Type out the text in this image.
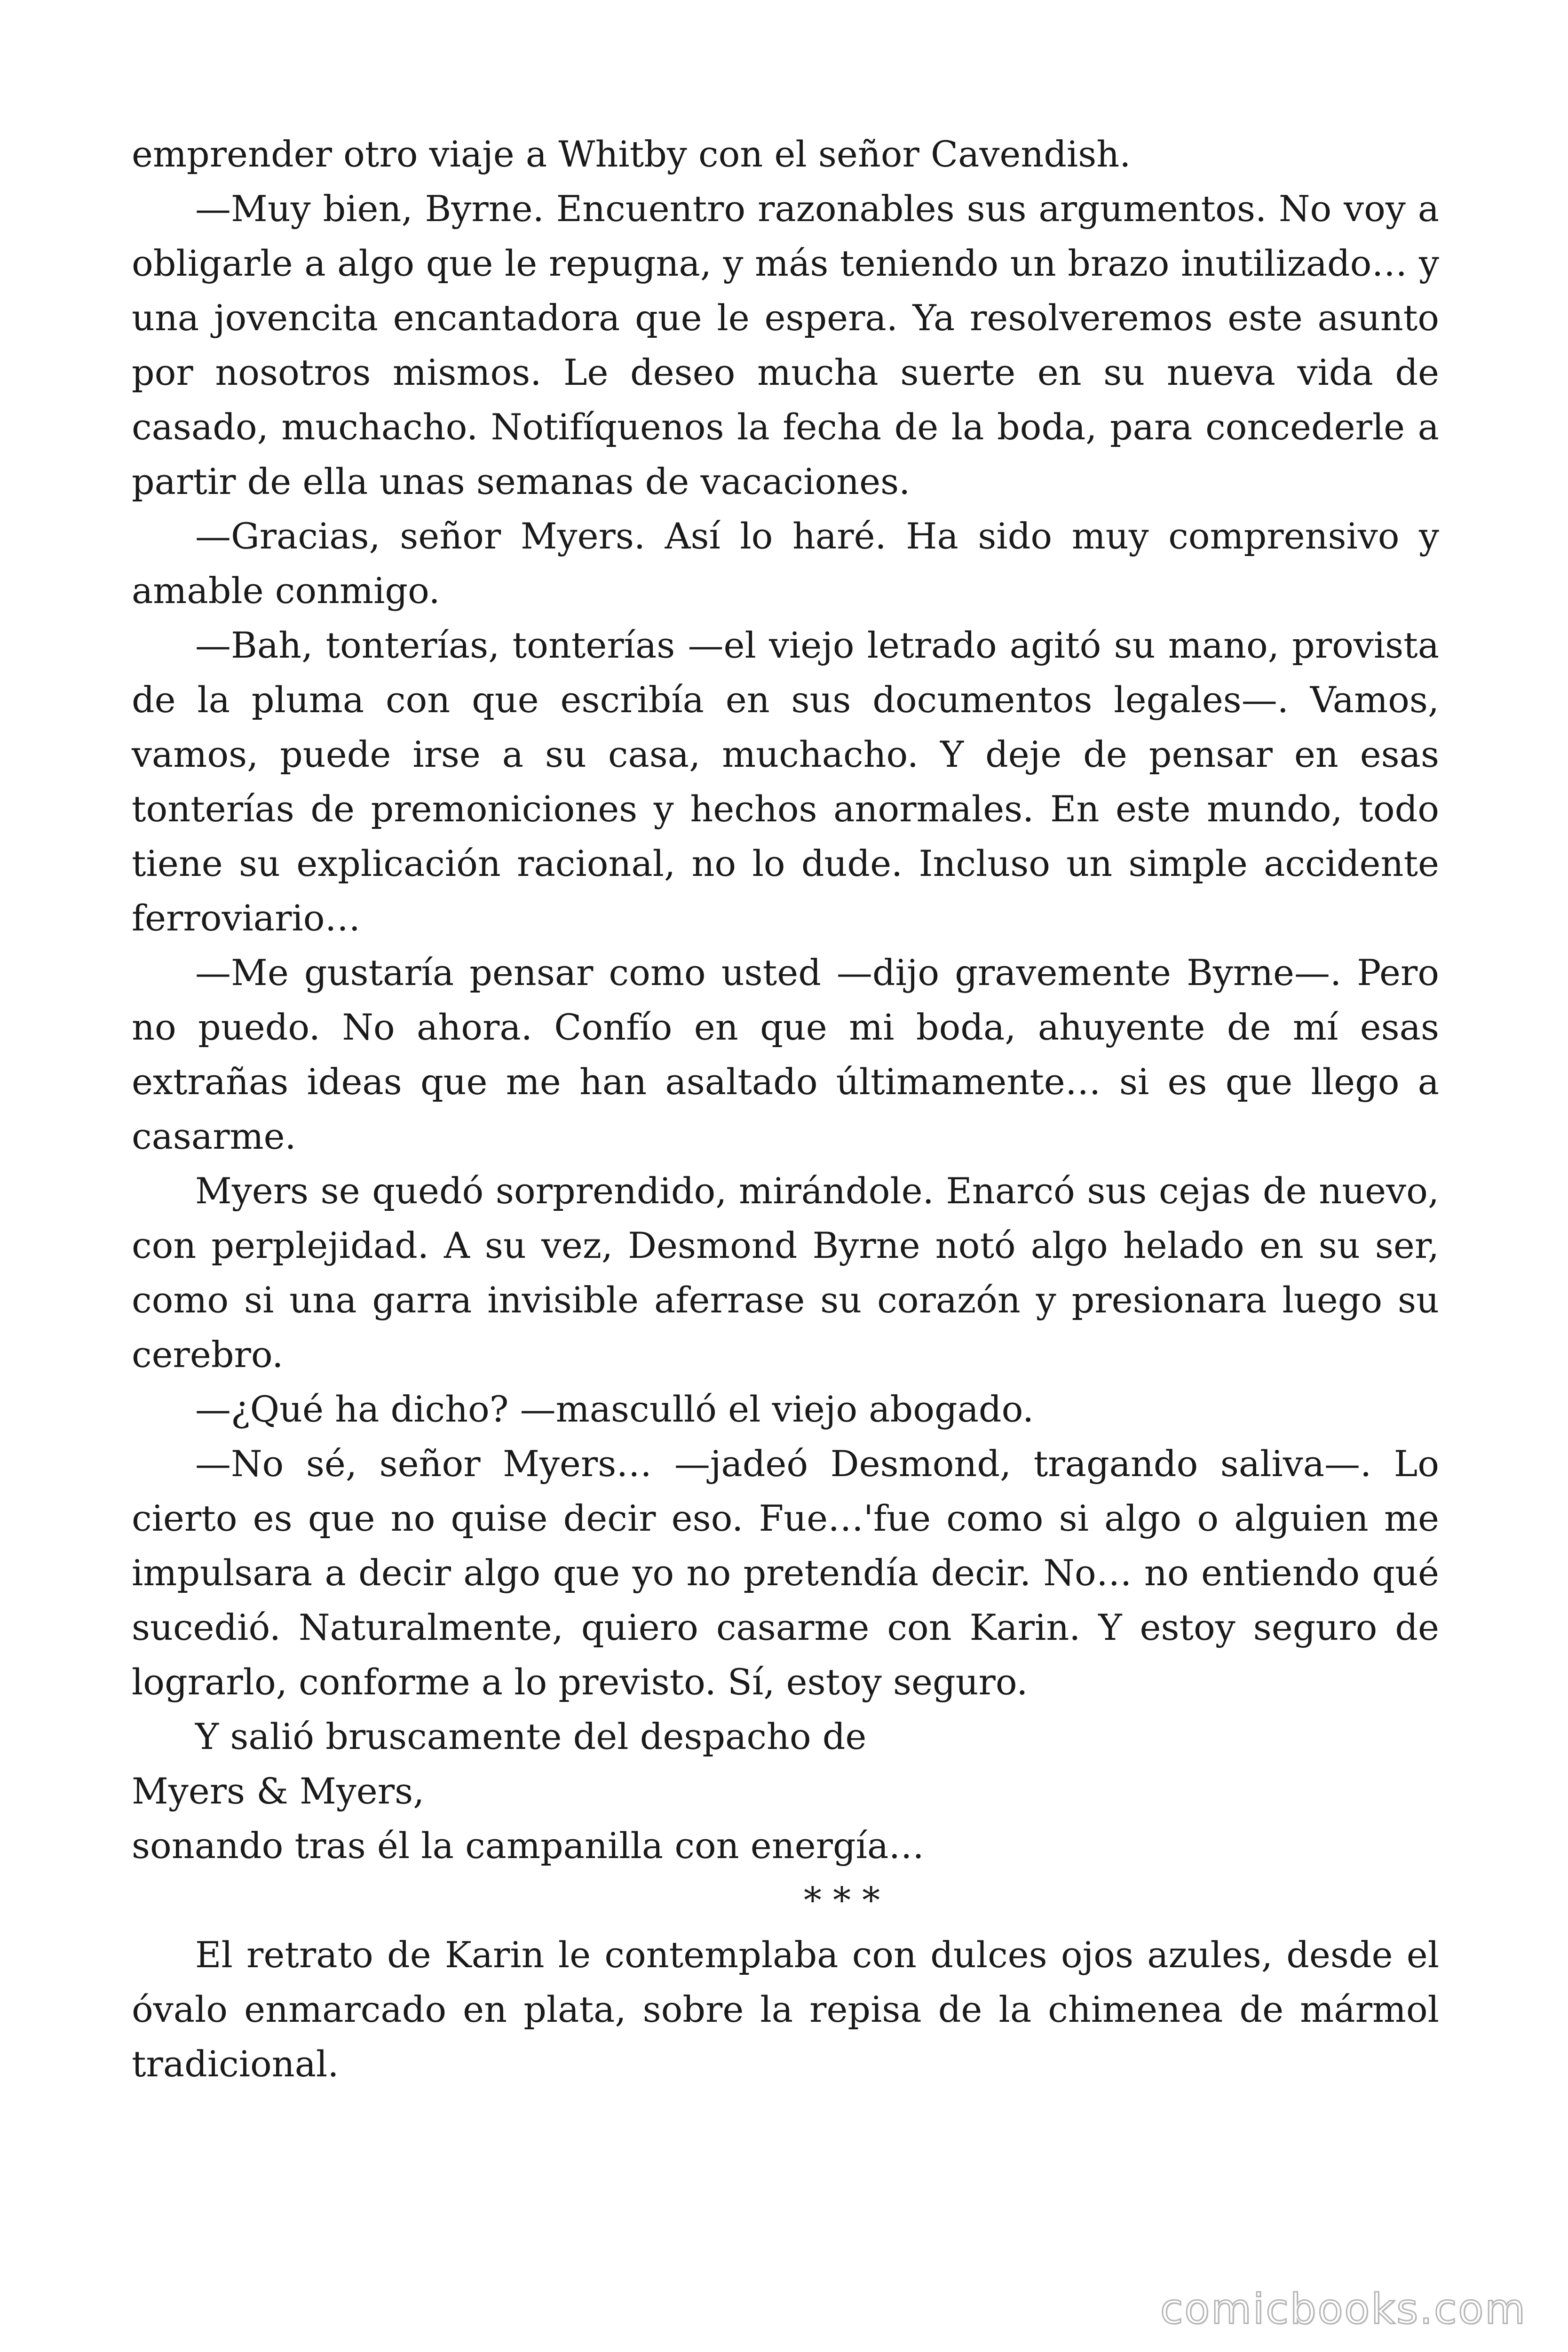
emprender otro viaje a Whitby con el señor Cavendish.

—Muy bien, Byrne. Encuentro razonables sus argumentos. No voy a obligarle a algo que le repugna, y más teniendo un brazo inutilizado… y una jovencita encantadora que le espera. Ya resolveremos este asunto por nosotros mismos. Le deseo mucha suerte en su nueva vida de casado, muchacho. Notifíquenos la fecha de la boda, para concederle a partir de ella unas semanas de vacaciones.

—Gracias, señor Myers. Así lo haré. Ha sido muy comprensivo y amable conmigo.

—Bah, tonterías, tonterías —el viejo letrado agitó su mano, provista de la pluma con que escribía en sus documentos legales—. Vamos, vamos, puede irse a su casa, muchacho. Y deje de pensar en esas tonterías de premoniciones y hechos anormales. En este mundo, todo tiene su explicación racional, no lo dude. Incluso un simple accidente ferroviario…

—Me gustaría pensar como usted —dijo gravemente Byrne—. Pero no puedo. No ahora. Confío en que mi boda, ahuyente de mí esas extrañas ideas que me han asaltado últimamente… si es que llego a casarme.

Myers se quedó sorprendido, mirándole. Enarcó sus cejas de nuevo, con perplejidad. A su vez, Desmond Byrne notó algo helado en su ser, como si una garra invisible aferrase su corazón y presionara luego su cerebro.

—¿Qué ha dicho? —masculló el viejo abogado.

—No sé, señor Myers… —jadeó Desmond, tragando saliva—. Lo cierto es que no quise decir eso. Fue…'fue como si algo o alguien me impulsara a decir algo que yo no pretendía decir. No… no entiendo qué sucedió. Naturalmente, quiero casarme con Karin. Y estoy seguro de lograrlo, conforme a lo previsto. Sí, estoy seguro.

Y salió bruscamente del despacho de

Myers & Myers,

sonando tras él la campanilla con energía…

* * *

El retrato de Karin le contemplaba con dulces ojos azules, desde el óvalo enmarcado en plata, sobre la repisa de la chimenea de mármol tradicional.

comicbooks.com
